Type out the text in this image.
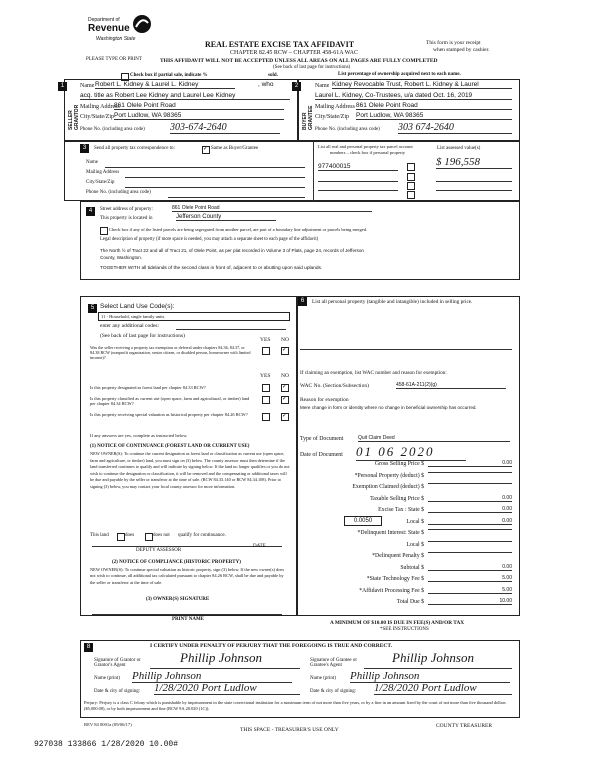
Department of
Revenue
Washington State
REAL ESTATE EXCISE TAX AFFIDAVIT
CHAPTER 82.45 RCW – CHAPTER 458-61A WAC
THIS AFFIDAVIT WILL NOT BE ACCEPTED UNLESS ALL AREAS ON ALL PAGES ARE FULLY COMPLETED
(See back of last page for instructions)
PLEASE TYPE OR PRINT
This form is your receipt
when stamped by cashier.
Check box if partial sale, indicate %	sold.	List percentage of ownership acquired next to each name.
1	2
SELLER GRANTOR	BUYER GRANTEE
Name Robert L. Kidney & Laurel L. Kidney	, who
acq. title as Robert Lee Kidney and Laurel Lee Kidney
Mailing Address
861 Olele Point Road
City/State/Zip Port Ludlow, WA 98365
Phone No. (including area code)	303-674-2640
Name Kidney Revocable Trust, Robert L. Kidney & Laurel
Laurel L. Kidney, Co-Trustees, u/a dated Oct. 16, 2019
Mailing Address 861 Olele Point Road
City/State/Zip Port Ludlow, WA 98365
Phone No. (including area code) 303 674-2640
3	Send all property tax correspondence to:	✓ Same as Buyer/Grantee
Name
Mailing Address
City/State/Zip
Phone No. (including area code)
List all real and personal property tax parcel account
numbers – check box if personal property
List assessed value(s)
977400015	$ 196,558
4	Street address of property:	861 Olele Point Road
This property is located in	Jefferson County
Check box if any of the listed parcels are being segregated from another parcel, are part of a boundary line adjustment or parcels being merged.
Legal description of property (if more space is needed, you may attach a separate sheet to each page of the affidavit)
The North ½ of Tract 22 and all of Tract 21, of Olele Point, as per plat recorded in Volume 3 of Plats, page 24, records of Jefferson
County, Washington.
TOGETHER WITH all tidelands of the second class in front of, adjacent to or abutting upon said uplands.
5 Select Land Use Code(s):
11 - Household, single family units
enter any additional codes:
(See back of last page for instructions)
YES NO
Was the seller receiving a property tax exemption or deferral under chapters 84.36, 84.37, or 84.38 RCW (nonprofit organization, senior citizen, or disabled person, homeowner with limited income)?
✓
YES NO
Is this property designated as forest land per chapter 84.33 RCW?	✓
Is this property classified as current use (open space, farm and agricultural, or timber) land per chapter 84.34 RCW?
✓
Is this property receiving special valuation as historical property per chapter 84.26 RCW?	✓
If any answers are yes, complete as instructed below.
(1) NOTICE OF CONTINUANCE (FOREST LAND OR CURRENT USE)
NEW OWNER(S): To continue the current designation as forest land or classification as current use (open space, farm and agriculture, or timber) land, you must sign on (3) below. The county assessor must then determine if the land transferred continues to qualify and will indicate by signing below. If the land no longer qualifies or you do not wish to continue the designation or classification, it will be removed and the compensating or additional taxes will be due and payable by the seller or transferor at the time of sale. (RCW 84.33.140 or RCW 84.34.108). Prior to signing (3) below, you may contact your local county assessor for more information.
This land	does	does not qualify for continuance.
DEPUTY ASSESSOR
DATE
(2) NOTICE OF COMPLIANCE (HISTORIC PROPERTY)
NEW OWNER(S): To continue special valuation as historic property, sign (3) below. If the new owner(s) does not wish to continue, all additional tax calculated pursuant to chapter 84.26 RCW, shall be due and payable by the seller or transferor at the time of sale.
(3) OWNER(S) SIGNATURE
PRINT NAME
6	List all personal property (tangible and intangible) included in selling price.
If claiming an exemption, list WAC number and reason for exemption:
WAC No. (Section/Subsection)	458-61A-211(2)(g)
Reason for exemption
Mere change in form or identity where no change in beneficial ownership has occurred.
Type of Document	Quit Claim Deed
Date of Document 01 06 2020
Gross Selling Price $	0.00
*Personal Property (deduct) $
Exemption Claimed (deduct) $
Taxable Selling Price $	0.00
Excise Tax : State $	0.00
Local $	0.00
*Delinquent Interest: State $
Local $
*Delinquent Penalty $
Subtotal $	0.00
*State Technology Fee $	5.00
*Affidavit Processing Fee $	5.00
Total Due $	10.00
0.0050
A MINIMUM OF $10.00 IS DUE IN FEE(S) AND/OR TAX
*SEE INSTRUCTIONS
8	I CERTIFY UNDER PENALTY OF PERJURY THAT THE FOREGOING IS TRUE AND CORRECT.
Signature of Grantor or Grantor's Agent
Phillip Johnson
Name (print) Phillip Johnson
Date & city of signing: 1/28/2020 Port Ludlow
Signature of Grantee or Grantee's Agent
Phillip Johnson
Name (print) Phillip Johnson
Date & city of signing: 1/28/2020 Port Ludlow
Perjury: Perjury is a class C felony which is punishable by imprisonment in the state correctional institution for a maximum term of not more than five years, or by a fine in an amount fixed by the court of not more than five thousand dollars ($5,000.00), or by both imprisonment and fine (RCW 9A.20.020 (1C)).
REV 84 0001a (09/06/17)
THIS SPACE - TREASURER'S USE ONLY
COUNTY TREASURER
927038 133866 1/28/2020 10.00#
